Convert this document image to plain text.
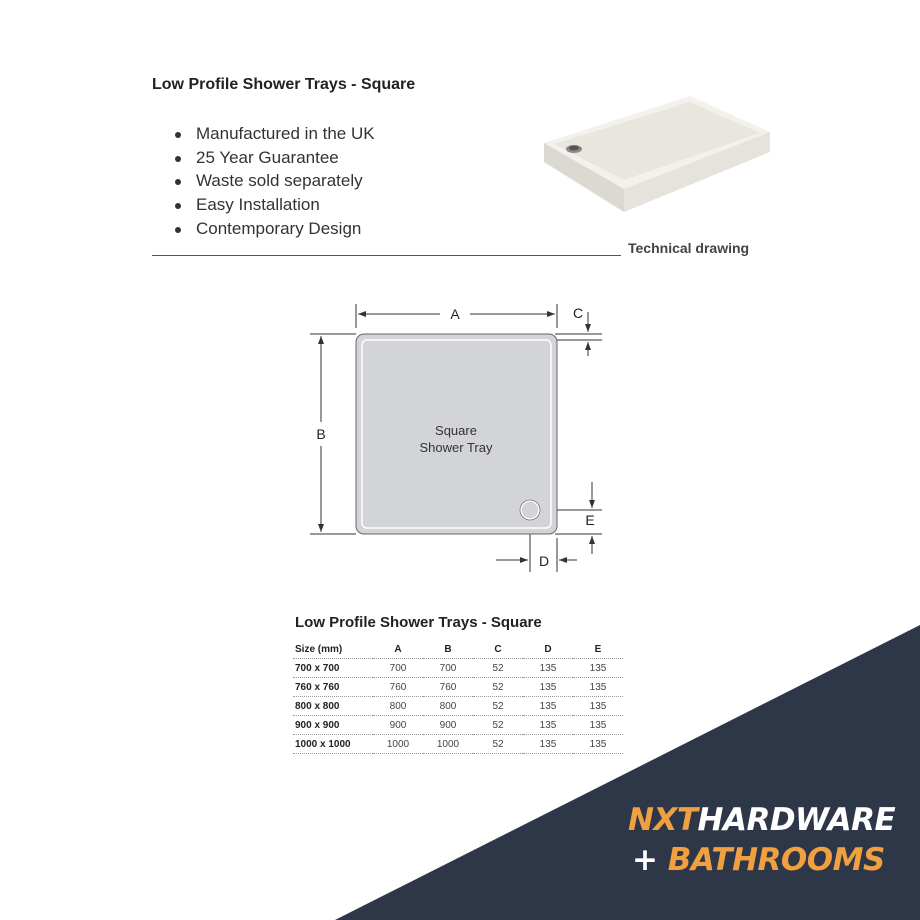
Low Profile Shower Trays - Square
Manufactured in the UK
25 Year Guarantee
Waste sold separately
Easy Installation
Contemporary Design
Technical drawing
A
B
C
D
E
Square
Shower Tray
Low Profile Shower Trays - Square
Size (mm)	A	B	C	D	E
700 x 700	700	700	52	135	135
760 x 760	760	760	52	135	135
800 x 800	800	800	52	135	135
900 x 900	900	900	52	135	135
1000 x 1000	1000	1000	52	135	135
NXTHARDWARE
+ BATHROOMS
